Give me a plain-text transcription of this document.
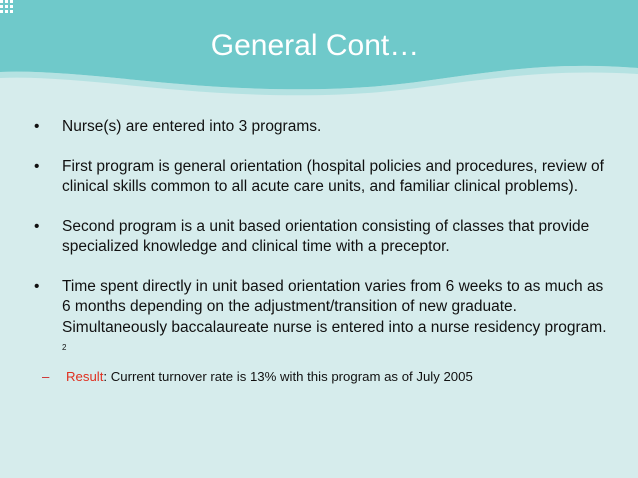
General Cont…
• Nurse(s) are entered into 3 programs.
• First program is general orientation (hospital policies and procedures, review of clinical skills common to all acute care units, and familiar clinical problems).
• Second program is a unit based orientation consisting of classes that provide specialized knowledge and clinical time with a preceptor.
• Time spent directly in unit based orientation varies from 6 weeks to as much as 6 months depending on the adjustment/transition of new graduate. Simultaneously baccalaureate nurse is entered into a nurse residency program. $^2$
– Result: Current turnover rate is 13% with this program as of July 2005
